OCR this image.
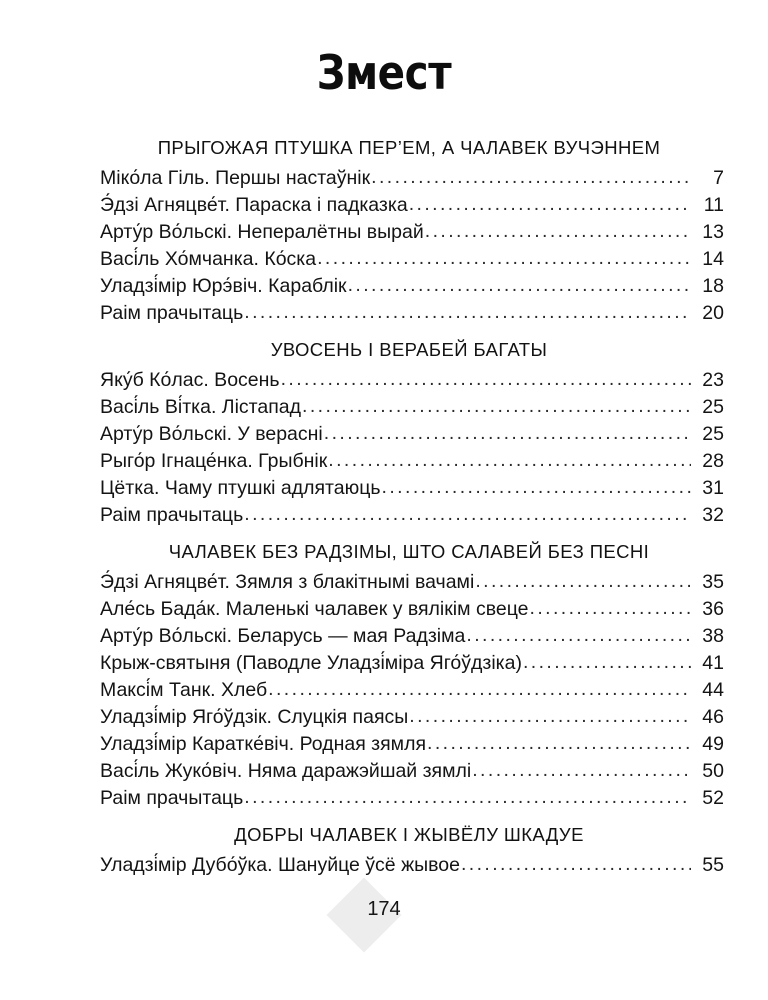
Змест
ПРЫГОЖАЯ ПТУШКА ПЕР’ЕМ, А ЧАЛАВЕК ВУЧЭННЕМ
Мiко́ла Гіль. Першы настаўнік .....	7
Э́дзі Агняцве́т. Параска і падказка .....	11
Арту́р Во́льскі. Нeпералётны вырай .....	13
Васі́ль Хо́мчанка. Ко́ска .....	14
Уладзі́мір Юрэ́віч. Караблік .....	18
Раім прачытаць .....	20
УВОСЕНЬ І ВЕРАБЕЙ БАГАТЫ
Яку́б Ко́лас. Восень .....	23
Васі́ль Ві́тка. Лістапад .....	25
Арту́р Во́льскі. У верасні .....	25
Рыго́р Ігнаце́нка. Грыбнік .....	28
Цётка. Чаму птушкі адлятаюць .....	31
Раім прачытаць .....	32
ЧАЛАВЕК БЕЗ РАДЗІМЫ, ШТО САЛАВЕЙ БЕЗ ПЕСНІ
Э́дзі Агняцве́т. Зямля з блакітнымі вачамі .....	35
Але́сь Бада́к. Маленькі чалавек у вялікім свеце .....	36
Арту́р Во́льскі. Беларусь — мая Радзіма .....	38
Крыж-святыня (Паводле Уладзі́міра Яго́ўдзіка) .....	41
Максі́м Танк. Хлеб .....	44
Уладзі́мір Яго́ўдзік. Слуцкія паясы .....	46
Уладзі́мір Каратке́віч. Родная зямля .....	49
Васі́ль Жуко́віч. Няма даражэйшай зямлі .....	50
Раім прачытаць .....	52
ДОБРЫ ЧАЛАВЕК І ЖЫВЁЛУ ШКАДУЕ
Уладзі́мір Дубо́ўка. Шануйце ўсё жывое .....	55
174
